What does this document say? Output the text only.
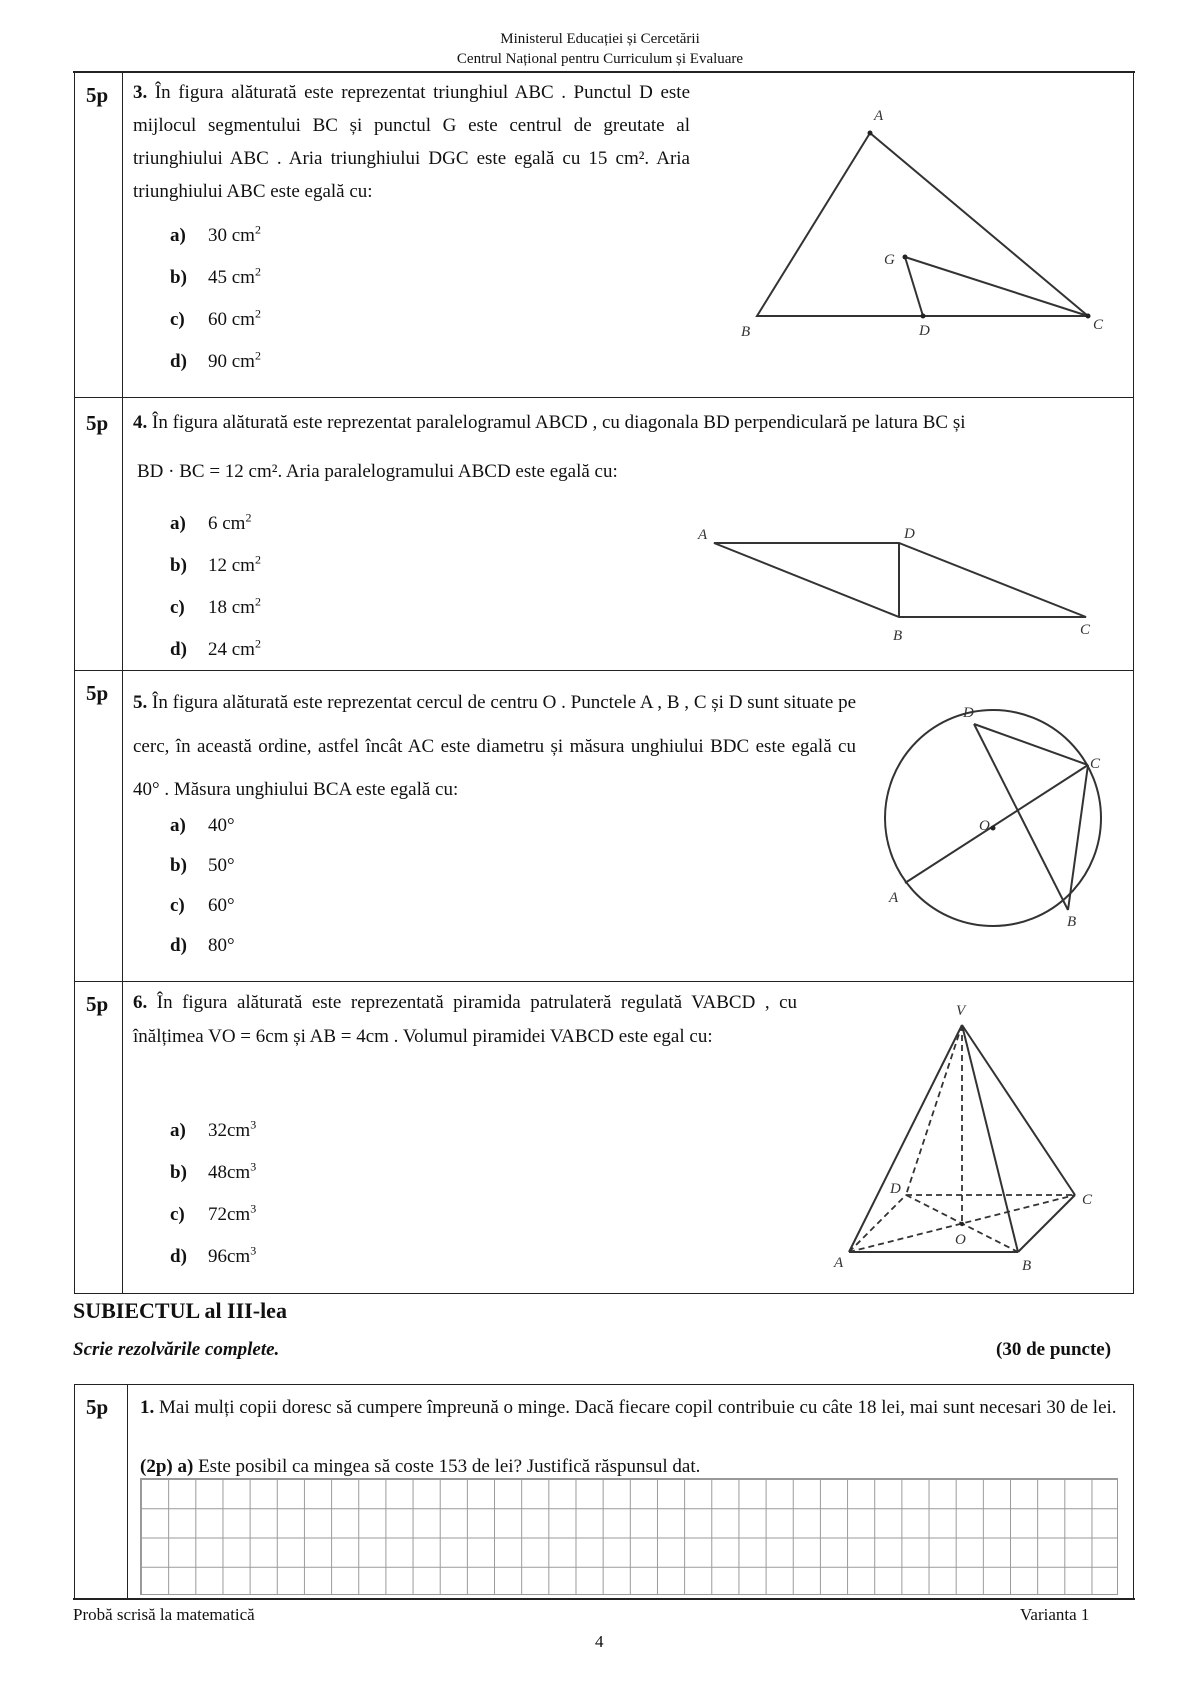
Ministerul Educației și Cercetării
Centrul Național pentru Curriculum și Evaluare
5p 3. În figura alăturată este reprezentat triunghiul ABC . Punctul D este mijlocul segmentului BC și punctul G este centrul de greutate al triunghiului ABC . Aria triunghiului DGC este egală cu 15 cm². Aria triunghiului ABC este egală cu:
a) 30 $cm^2$
b) 45 $cm^2$
c) 60 $cm^2$
d) 90 $cm^2$
A
B	C
D
G
5p 4. În figura alăturată este reprezentat paralelogramul ABCD , cu diagonala BD perpendiculară pe latura BC și
BD · BC = 12 cm². Aria paralelogramului ABCD este egală cu:
a) 6 $cm^2$
b) 12 $cm^2$
c) 18 $cm^2$
d) 24 $cm^2$
A	D
B	C
5p 5. În figura alăturată este reprezentat cercul de centru O . Punctele A , B , C și D sunt situate pe cerc, în această ordine, astfel încât AC este diametru și măsura unghiului BDC este egală cu 40° . Măsura unghiului BCA este egală cu:
a) 40°
b) 50°
c) 60°
d) 80°
D
C
O
A
B
5p 6. În figura alăturată este reprezentată piramida patrulateră regulată VABCD , cu înălțimea VO = 6cm și AB = 4cm . Volumul piramidei VABCD este egal cu:
a) $32cm^3$
b) $48cm^3$
c) $72cm^3$
d) $96cm^3$
V
D
C
O
A	B
SUBIECTUL al III-lea
Scrie rezolvările complete.	(30 de puncte)
5p 1. Mai mulți copii doresc să cumpere împreună o minge. Dacă fiecare copil contribuie cu câte 18 lei, mai sunt necesari 30 de lei.
(2p) a) Este posibil ca mingea să coste 153 de lei? Justifică răspunsul dat.
Probă scrisă la matematică	Varianta 1
4
